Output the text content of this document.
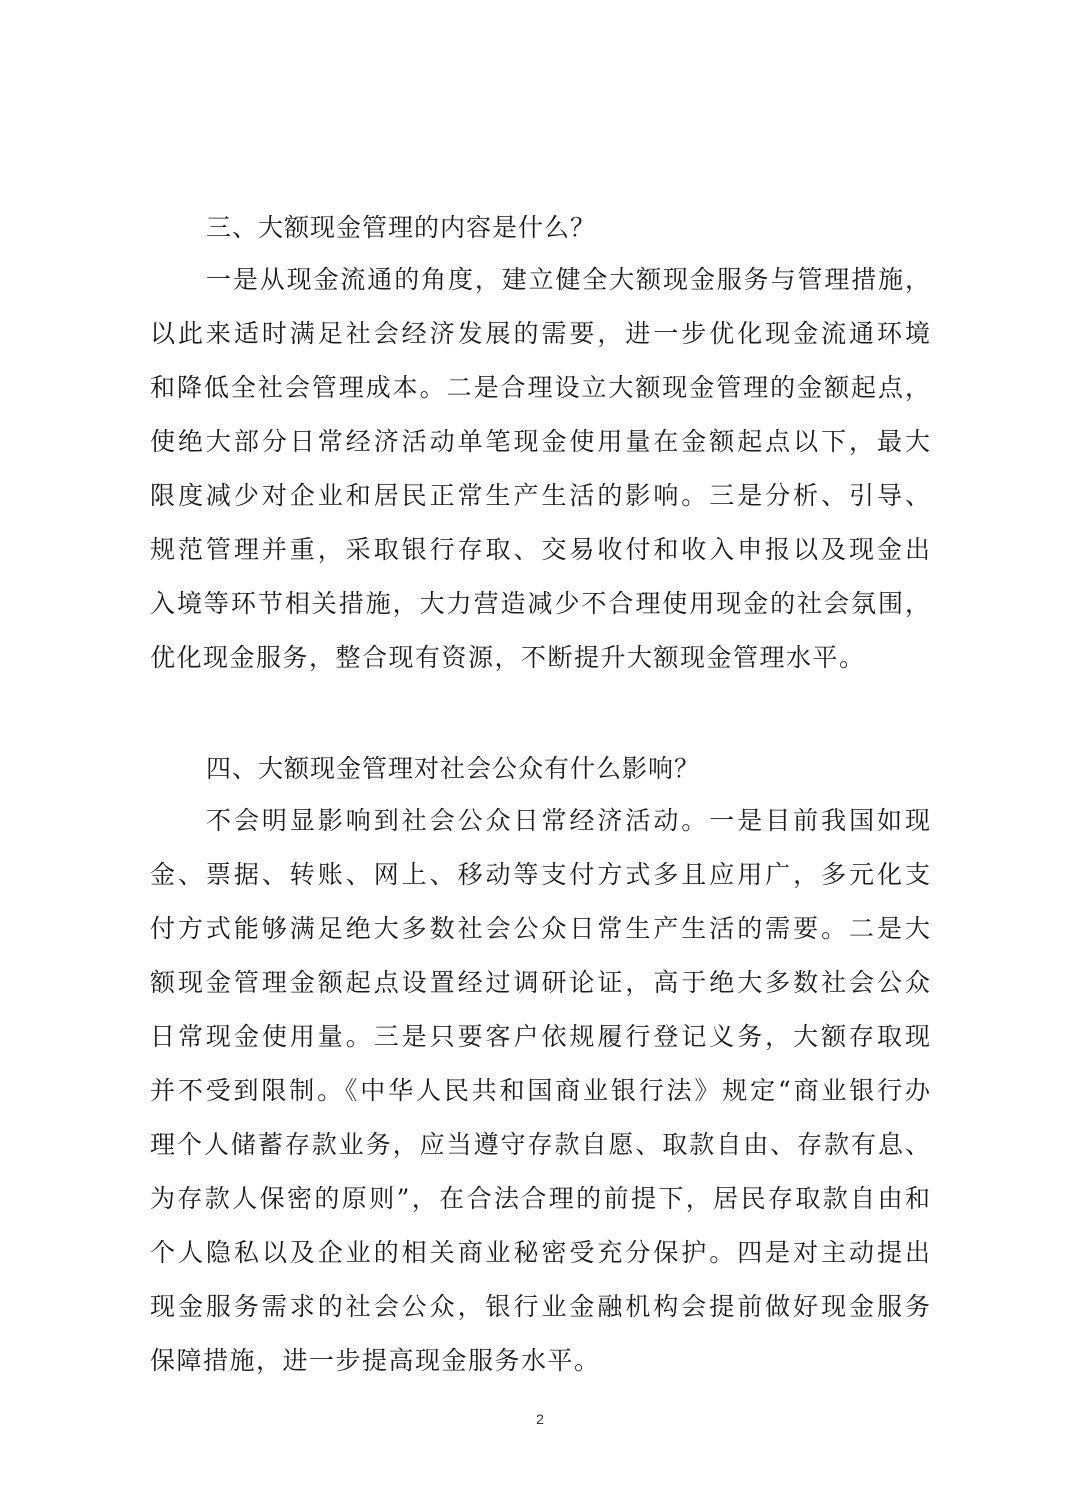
三、大额现金管理的内容是什么？
一是从现金流通的角度，建立健全大额现金服务与管理措施，
以此来适时满足社会经济发展的需要，进一步优化现金流通环境
和降低全社会管理成本。二是合理设立大额现金管理的金额起点，
使绝大部分日常经济活动单笔现金使用量在金额起点以下，最大
限度减少对企业和居民正常生产生活的影响。三是分析、引导、
规范管理并重，采取银行存取、交易收付和收入申报以及现金出
入境等环节相关措施，大力营造减少不合理使用现金的社会氛围，
优化现金服务，整合现有资源，不断提升大额现金管理水平。
四、大额现金管理对社会公众有什么影响？
不会明显影响到社会公众日常经济活动。一是目前我国如现
金、票据、转账、网上、移动等支付方式多且应用广，多元化支
付方式能够满足绝大多数社会公众日常生产生活的需要。二是大
额现金管理金额起点设置经过调研论证，高于绝大多数社会公众
日常现金使用量。三是只要客户依规履行登记义务，大额存取现
并不受到限制。《中华人民共和国商业银行法》规定“商业银行办
理个人储蓄存款业务，应当遵守存款自愿、取款自由、存款有息、
为存款人保密的原则”，在合法合理的前提下，居民存取款自由和
个人隐私以及企业的相关商业秘密受充分保护。四是对主动提出
现金服务需求的社会公众，银行业金融机构会提前做好现金服务
保障措施，进一步提高现金服务水平。
2
